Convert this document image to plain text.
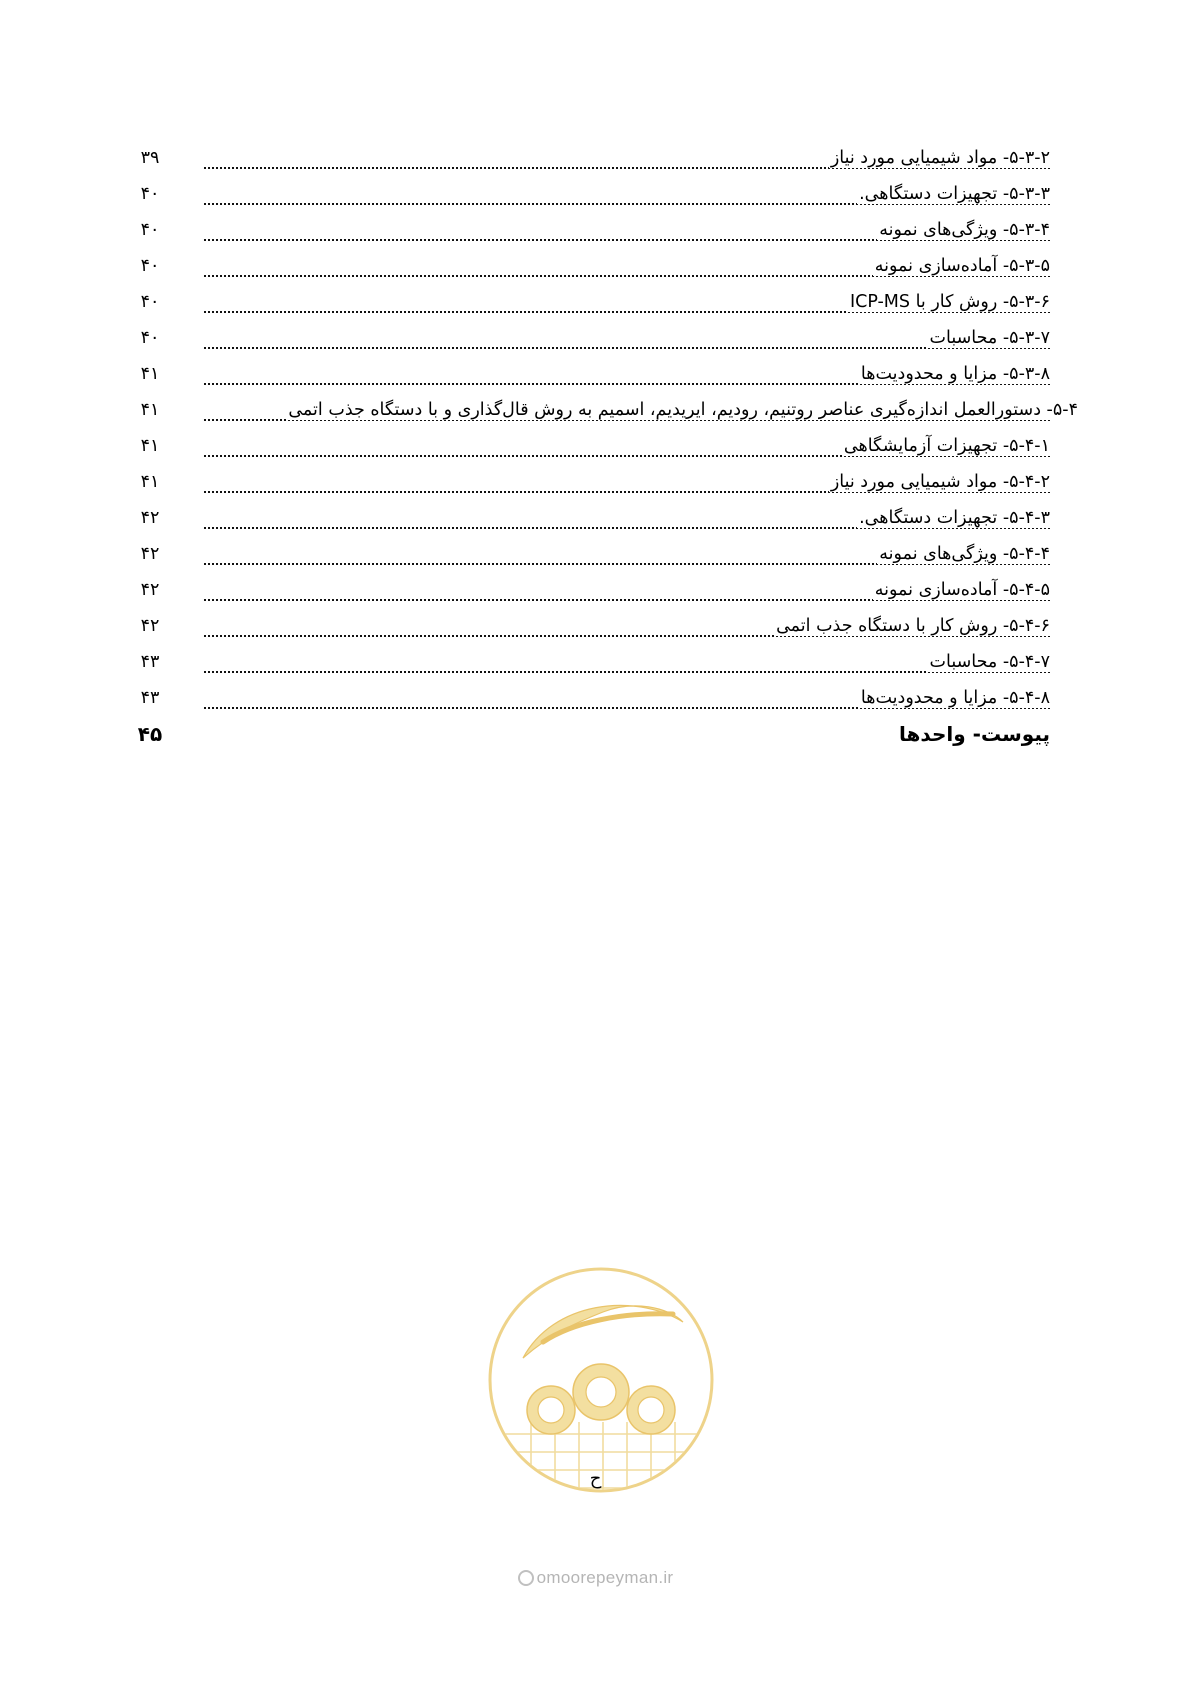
۵-۳-۲- مواد شیمیایی مورد نیاز
۳۹
۵-۳-۳- تجهیزات دستگاهی.
۴۰
۵-۳-۴- ویژگی‌های نمونه
۴۰
۵-۳-۵- آماده‌سازی نمونه
۴۰
۵-۳-۶- روش کار با ICP-MS
۴۰
۵-۳-۷- محاسبات
۴۰
۵-۳-۸- مزایا و محدودیت‌ها
۴۱
۵-۴- دستورالعمل اندازه‌گیری عناصر روتنیم، رودیم، ایریدیم، اسمیم به روش قال‌گذاری و با دستگاه جذب اتمی
۴۱
۵-۴-۱- تجهیزات آزمایشگاهی
۴۱
۵-۴-۲- مواد شیمیایی مورد نیاز
۴۱
۵-۴-۳- تجهیزات دستگاهی.
۴۲
۵-۴-۴- ویژگی‌های نمونه
۴۲
۵-۴-۵- آماده‌سازی نمونه
۴۲
۵-۴-۶- روش کار با دستگاه جذب اتمی
۴۲
۵-۴-۷- محاسبات
۴۳
۵-۴-۸- مزایا و محدودیت‌ها
۴۳
پیوست- واحدها
۴۵
ح
omoorepeyman.ir
